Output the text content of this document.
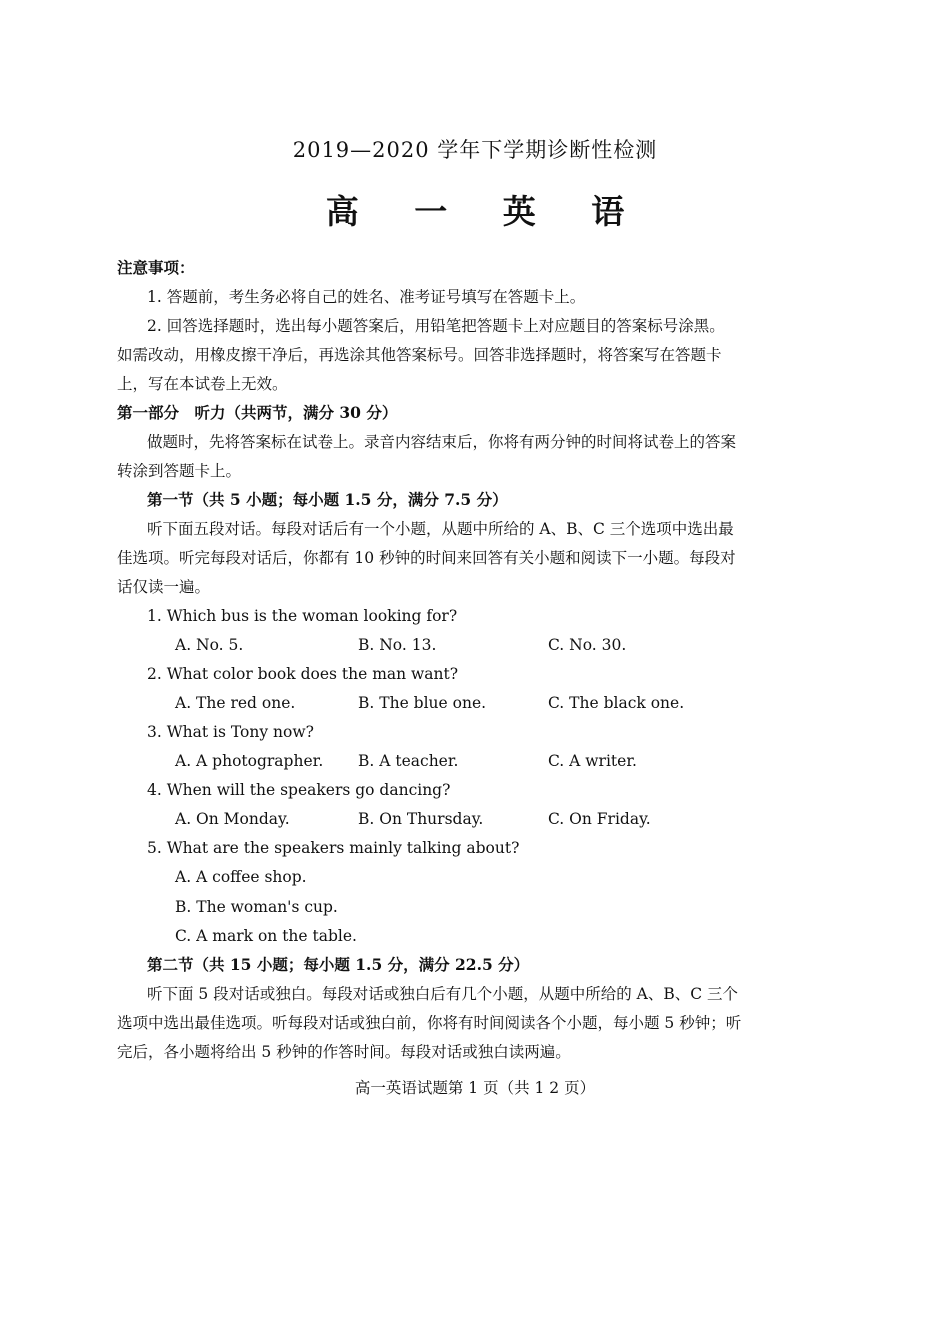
2019—2020 学年下学期诊断性检测
高 一 英 语
注意事项：
1. 答题前，考生务必将自己的姓名、准考证号填写在答题卡上。
2. 回答选择题时，选出每小题答案后，用铅笔把答题卡上对应题目的答案标号涂黑。
如需改动，用橡皮擦干净后，再选涂其他答案标号。回答非选择题时，将答案写在答题卡
上，写在本试卷上无效。
第一部分　听力（共两节，满分 30 分）
做题时，先将答案标在试卷上。录音内容结束后，你将有两分钟的时间将试卷上的答案
转涂到答题卡上。
第一节（共 5 小题；每小题 1.5 分，满分 7.5 分）
听下面五段对话。每段对话后有一个小题，从题中所给的 A、B、C 三个选项中选出最
佳选项。听完每段对话后，你都有 10 秒钟的时间来回答有关小题和阅读下一小题。每段对
话仅读一遍。
1. Which bus is the woman looking for?
A. No. 5.	B. No. 13.	C. No. 30.
2. What color book does the man want?
A. The red one.	B. The blue one.	C. The black one.
3. What is Tony now?
A. A photographer. B. A teacher.	C. A writer.
4. When will the speakers go dancing?
A. On Monday.	B. On Thursday.	C. On Friday.
5. What are the speakers mainly talking about?
A. A coffee shop.
B. The woman's cup.
C. A mark on the table.
第二节（共 15 小题；每小题 1.5 分，满分 22.5 分）
听下面 5 段对话或独白。每段对话或独白后有几个小题，从题中所给的 A、B、C 三个
选项中选出最佳选项。听每段对话或独白前，你将有时间阅读各个小题，每小题 5 秒钟；听
完后，各小题将给出 5 秒钟的作答时间。每段对话或独白读两遍。
高一英语试题第 1 页（共 1 2 页）
